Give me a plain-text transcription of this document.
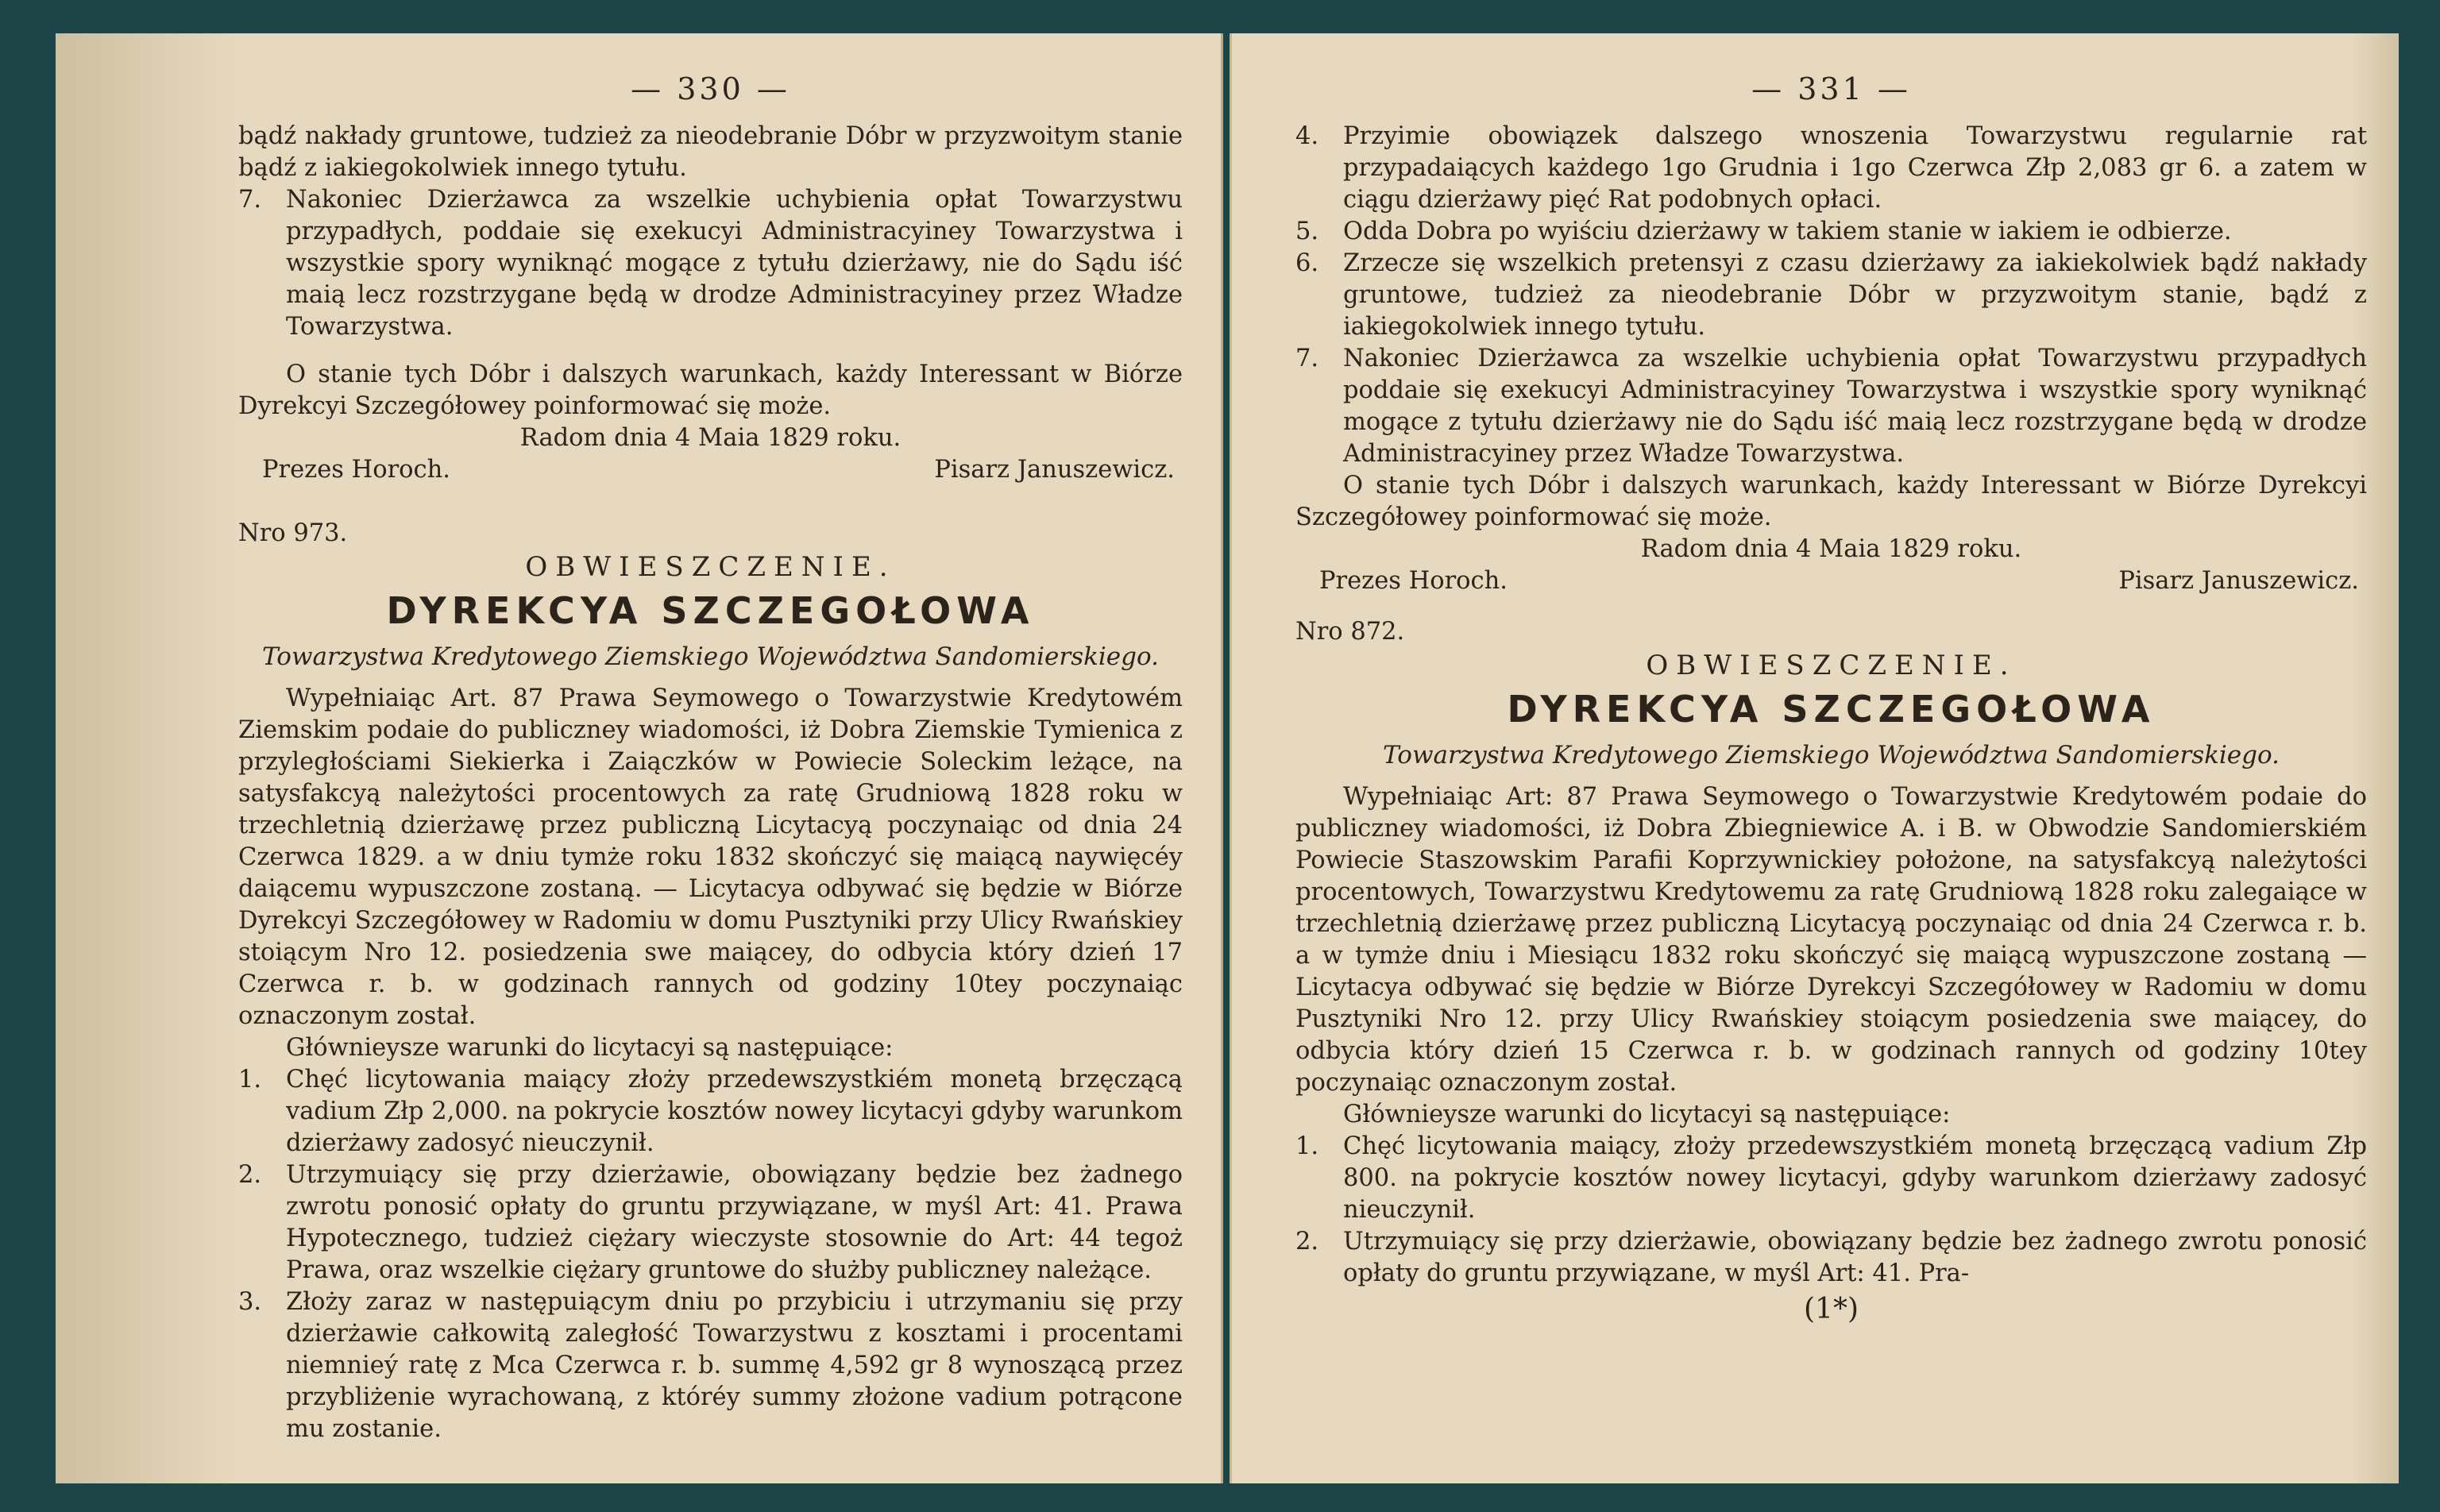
— 330 —

bądź nakłady gruntowe, tudzież za nieodebranie Dóbr w przyzwoitym stanie bądź z iakiegokolwiek innego tytułu.

7. Nakoniec Dzierżawca za wszelkie uchybienia opłat Towarzystwu przypadłych, poddaie się exekucyi Administracyiney Towarzystwa i wszystkie spory wyniknąć mogące z tytułu dzierżawy, nie do Sądu iść maią lecz rozstrzygane będą w drodze Administracyiney przez Władze Towarzystwa.

O stanie tych Dóbr i dalszych warunkach, każdy Interessant w Biórze Dyrekcyi Szczegółowey poinformować się może.

Radom dnia 4 Maia 1829 roku.
Prezes Horoch.	Pisarz Januszewicz.
Nro 973.
OBWIESZCZENIE.
DYREKCYA SZCZEGOŁOWA
Towarzystwa Kredytowego Ziemskiego Województwa Sandomierskiego.

Wypełniaiąc Art. 87 Prawa Seymowego o Towarzystwie Kredytowém Ziemskim podaie do publiczney wiadomości, iż Dobra Ziemskie Tymienica z przyległościami Siekierka i Zaiączków w Powiecie Soleckim leżące, na satysfakcyą należytości procentowych za ratę Grudniową 1828 roku w trzechletnią dzierżawę przez publiczną Licytacyą poczynaiąc od dnia 24 Czerwca 1829. a w dniu tymże roku 1832 skończyć się maiącą naywięcéy daiącemu wypuszczone zostaną. — Licytacya odbywać się będzie w Biórze Dyrekcyi Szczegółowey w Radomiu w domu Pusztyniki przy Ulicy Rwańskiey stoiącym Nro 12. posiedzenia swe maiącey, do odbycia który dzień 17 Czerwca r. b. w godzinach rannych od godziny 10tey poczynaiąc oznaczonym został.

Głównieysze warunki do licytacyi są następuiące:

1. Chęć licytowania maiący złoży przedewszystkiém monetą brzęczącą vadium Złp 2,000. na pokrycie kosztów nowey licytacyi gdyby warunkom dzierżawy zadosyć nieuczynił.

2. Utrzymuiący się przy dzierżawie, obowiązany będzie bez żadnego zwrotu ponosić opłaty do gruntu przywiązane, w myśl Art: 41. Prawa Hypotecznego, tudzież ciężary wieczyste stosownie do Art: 44 tegoż Prawa, oraz wszelkie ciężary gruntowe do służby publiczney należące.

3. Złoży zaraz w następuiącym dniu po przybiciu i utrzymaniu się przy dzierżawie całkowitą zaległość Towarzystwu z kosztami i procentami niemnieý ratę z Mca Czerwca r. b. summę 4,592 gr 8 wynoszącą przez przybliżenie wyrachowaną, z któréy summy złożone vadium potrącone mu zostanie.

— 331 —

4. Przyimie obowiązek dalszego wnoszenia Towarzystwu regularnie rat przypadaiących każdego 1go Grudnia i 1go Czerwca Złp 2,083 gr 6. a zatem w ciągu dzierżawy pięć Rat podobnych opłaci.

5. Odda Dobra po wyiściu dzierżawy w takiem stanie w iakiem ie odbierze.

6. Zrzecze się wszelkich pretensyi z czasu dzierżawy za iakiekolwiek bądź nakłady gruntowe, tudzież za nieodebranie Dóbr w przyzwoitym stanie, bądź z iakiegokolwiek innego tytułu.

7. Nakoniec Dzierżawca za wszelkie uchybienia opłat Towarzystwu przypadłych poddaie się exekucyi Administracyiney Towarzystwa i wszystkie spory wyniknąć mogące z tytułu dzierżawy nie do Sądu iść maią lecz rozstrzygane będą w drodze Administracyiney przez Władze Towarzystwa.

O stanie tych Dóbr i dalszych warunkach, każdy Interessant w Biórze Dyrekcyi Szczegółowey poinformować się może.

Radom dnia 4 Maia 1829 roku.
Prezes Horoch.	Pisarz Januszewicz.
Nro 872.
OBWIESZCZENIE.
DYREKCYA SZCZEGOŁOWA
Towarzystwa Kredytowego Ziemskiego Województwa Sandomierskiego.

Wypełniaiąc Art: 87 Prawa Seymowego o Towarzystwie Kredytowém podaie do publiczney wiadomości, iż Dobra Zbiegniewice A. i B. w Obwodzie Sandomierskiém Powiecie Staszowskim Parafii Koprzywnickiey położone, na satysfakcyą należytości procentowych, Towarzystwu Kredytowemu za ratę Grudniową 1828 roku zalegaiące w trzechletnią dzierżawę przez publiczną Licytacyą poczynaiąc od dnia 24 Czerwca r. b. a w tymże dniu i Miesiącu 1832 roku skończyć się maiącą wypuszczone zostaną — Licytacya odbywać się będzie w Biórze Dyrekcyi Szczegółowey w Radomiu w domu Pusztyniki Nro 12. przy Ulicy Rwańskiey stoiącym posiedzenia swe maiącey, do odbycia który dzień 15 Czerwca r. b. w godzinach rannych od godziny 10tey poczynaiąc oznaczonym został.

Głównieysze warunki do licytacyi są następuiące:

1. Chęć licytowania maiący, złoży przedewszystkiém monetą brzęczącą vadium Złp 800. na pokrycie kosztów nowey licytacyi, gdyby warunkom dzierżawy zadosyć nieuczynił.

2. Utrzymuiący się przy dzierżawie, obowiązany będzie bez żadnego zwrotu ponosić opłaty do gruntu przywiązane, w myśl Art: 41. Pra-

(1*)
